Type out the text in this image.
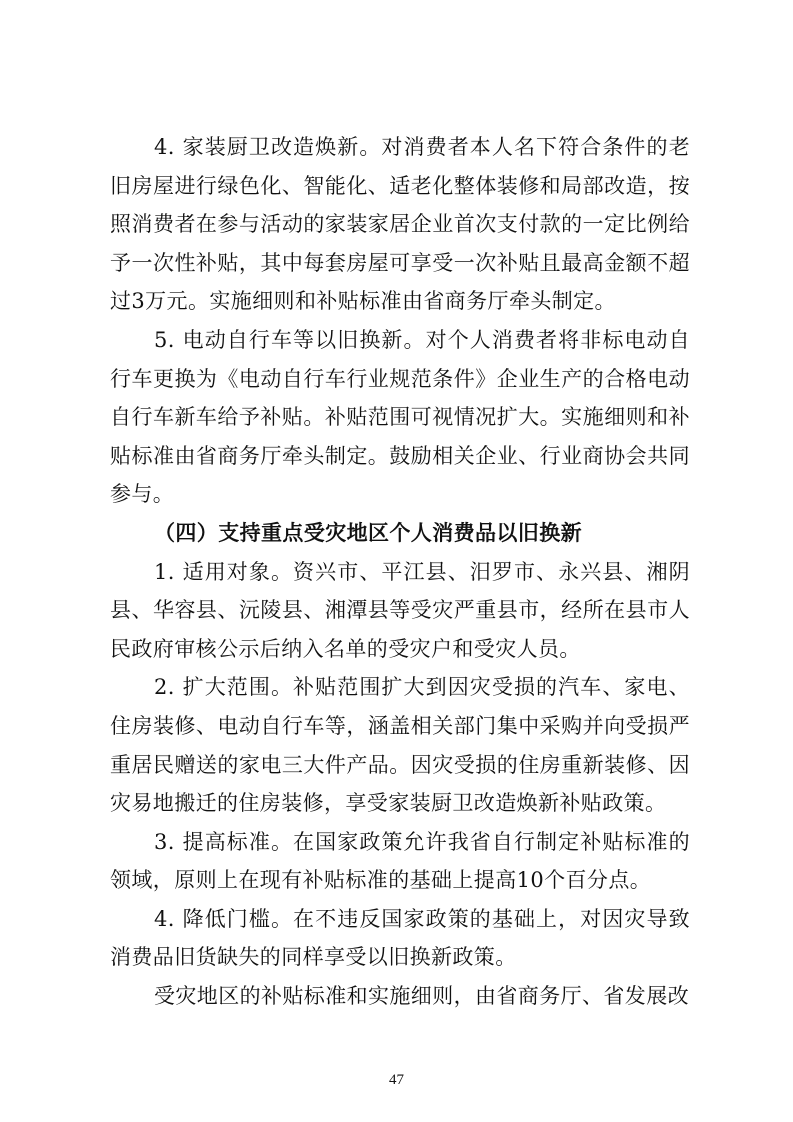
4. 家装厨卫改造焕新。对消费者本人名下符合条件的老旧房屋进行绿色化、智能化、适老化整体装修和局部改造，按照消费者在参与活动的家装家居企业首次支付款的一定比例给予一次性补贴，其中每套房屋可享受一次补贴且最高金额不超过3万元。实施细则和补贴标准由省商务厅牵头制定。

5. 电动自行车等以旧换新。对个人消费者将非标电动自行车更换为《电动自行车行业规范条件》企业生产的合格电动自行车新车给予补贴。补贴范围可视情况扩大。实施细则和补贴标准由省商务厅牵头制定。鼓励相关企业、行业商协会共同参与。

（四）支持重点受灾地区个人消费品以旧换新

1. 适用对象。资兴市、平江县、汨罗市、永兴县、湘阴县、华容县、沅陵县、湘潭县等受灾严重县市，经所在县市人民政府审核公示后纳入名单的受灾户和受灾人员。

2. 扩大范围。补贴范围扩大到因灾受损的汽车、家电、住房装修、电动自行车等，涵盖相关部门集中采购并向受损严重居民赠送的家电三大件产品。因灾受损的住房重新装修、因灾易地搬迁的住房装修，享受家装厨卫改造焕新补贴政策。

3. 提高标准。在国家政策允许我省自行制定补贴标准的领域，原则上在现有补贴标准的基础上提高10个百分点。

4. 降低门槛。在不违反国家政策的基础上，对因灾导致消费品旧货缺失的同样享受以旧换新政策。

受灾地区的补贴标准和实施细则，由省商务厅、省发展改

47
